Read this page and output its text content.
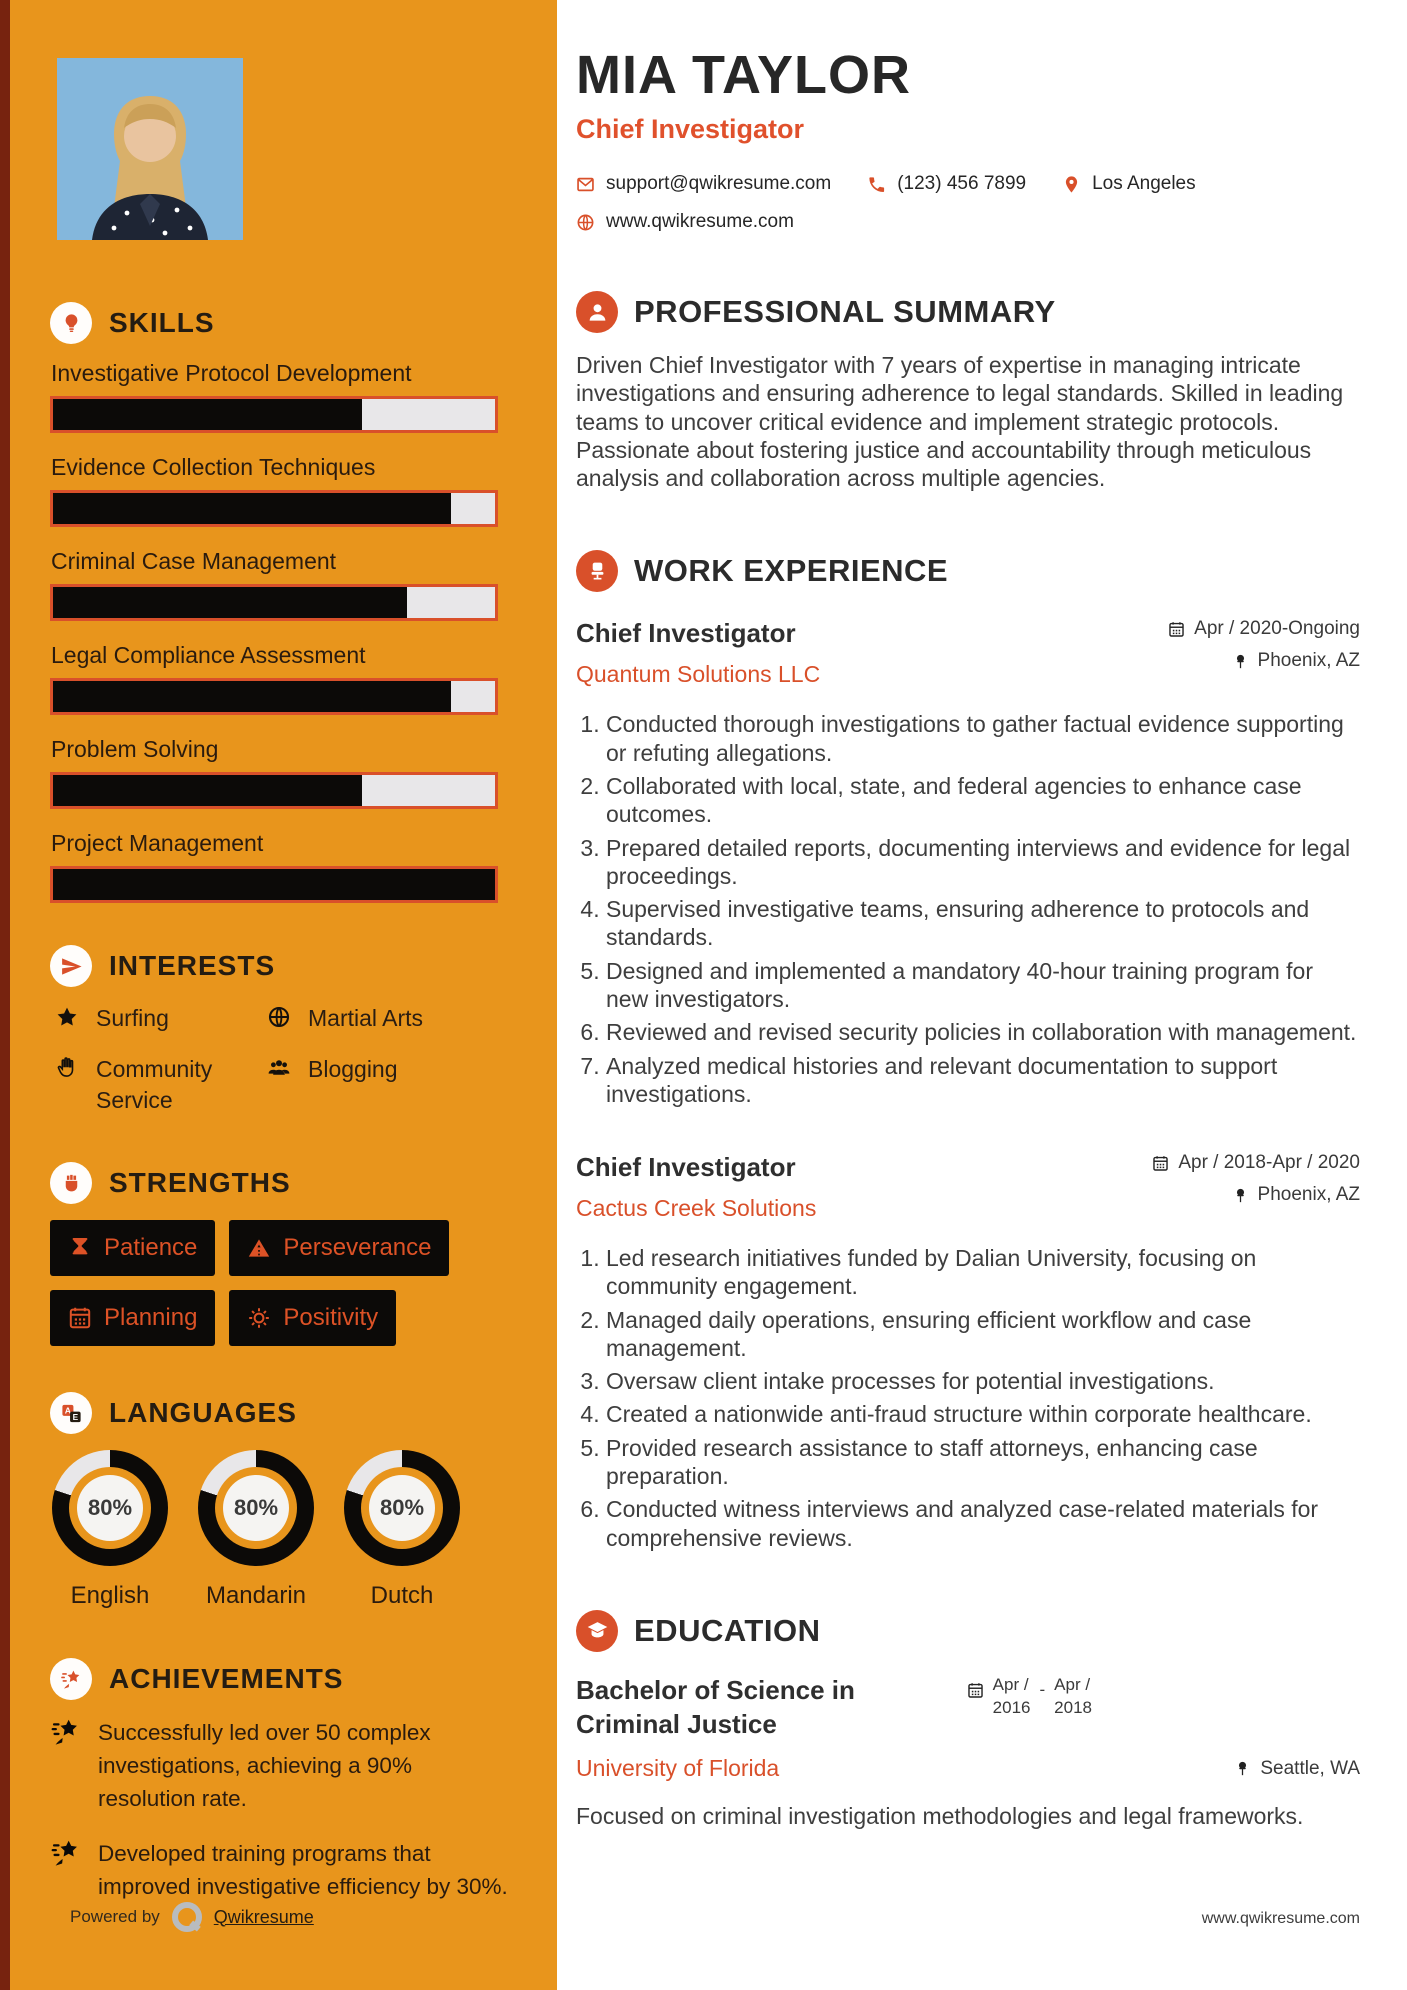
SKILLS
Investigative Protocol Development
Evidence Collection Techniques
Criminal Case Management
Legal Compliance Assessment
Problem Solving
Project Management
INTERESTS
Surfing	Martial Arts
Community Service
Blogging
STRENGTHS
Patience	Perseverance
Planning	Positivity
LANGUAGES
80%
English
80%
Mandarin
80%
Dutch
ACHIEVEMENTS
Successfully led over 50 complex investigations, achieving a 90% resolution rate.
Developed training programs that improved investigative efficiency by 30%.
Powered by	Qwikresume
MIA TAYLOR
Chief Investigator
support@qwikresume.com	(123) 456 7899	Los Angeles
www.qwikresume.com
PROFESSIONAL SUMMARY

Driven Chief Investigator with 7 years of expertise in managing intricate investigations and ensuring adherence to legal standards. Skilled in leading teams to uncover critical evidence and implement strategic protocols. Passionate about fostering justice and accountability through meticulous analysis and collaboration across multiple agencies.

WORK EXPERIENCE
Chief Investigator
Quantum Solutions LLC
Apr / 2020-Ongoing
Phoenix, AZ
1. Conducted thorough investigations to gather factual evidence supporting or refuting allegations.
2. Collaborated with local, state, and federal agencies to enhance case outcomes.
3. Prepared detailed reports, documenting interviews and evidence for legal proceedings.
4. Supervised investigative teams, ensuring adherence to protocols and standards.
5. Designed and implemented a mandatory 40-hour training program for new investigators.
6. Reviewed and revised security policies in collaboration with management.
7. Analyzed medical histories and relevant documentation to support investigations.
Chief Investigator
Cactus Creek Solutions
Apr / 2018-Apr / 2020
Phoenix, AZ
1. Led research initiatives funded by Dalian University, focusing on community engagement.
2. Managed daily operations, ensuring efficient workflow and case management.
3. Oversaw client intake processes for potential investigations.
4. Created a nationwide anti-fraud structure within corporate healthcare.
5. Provided research assistance to staff attorneys, enhancing case preparation.
6. Conducted witness interviews and analyzed case-related materials for comprehensive reviews.
EDUCATION
Bachelor of Science in Criminal Justice
Apr /
2016
- Apr /
2018
University of Florida	Seattle, WA

Focused on criminal investigation methodologies and legal frameworks.

www.qwikresume.com
